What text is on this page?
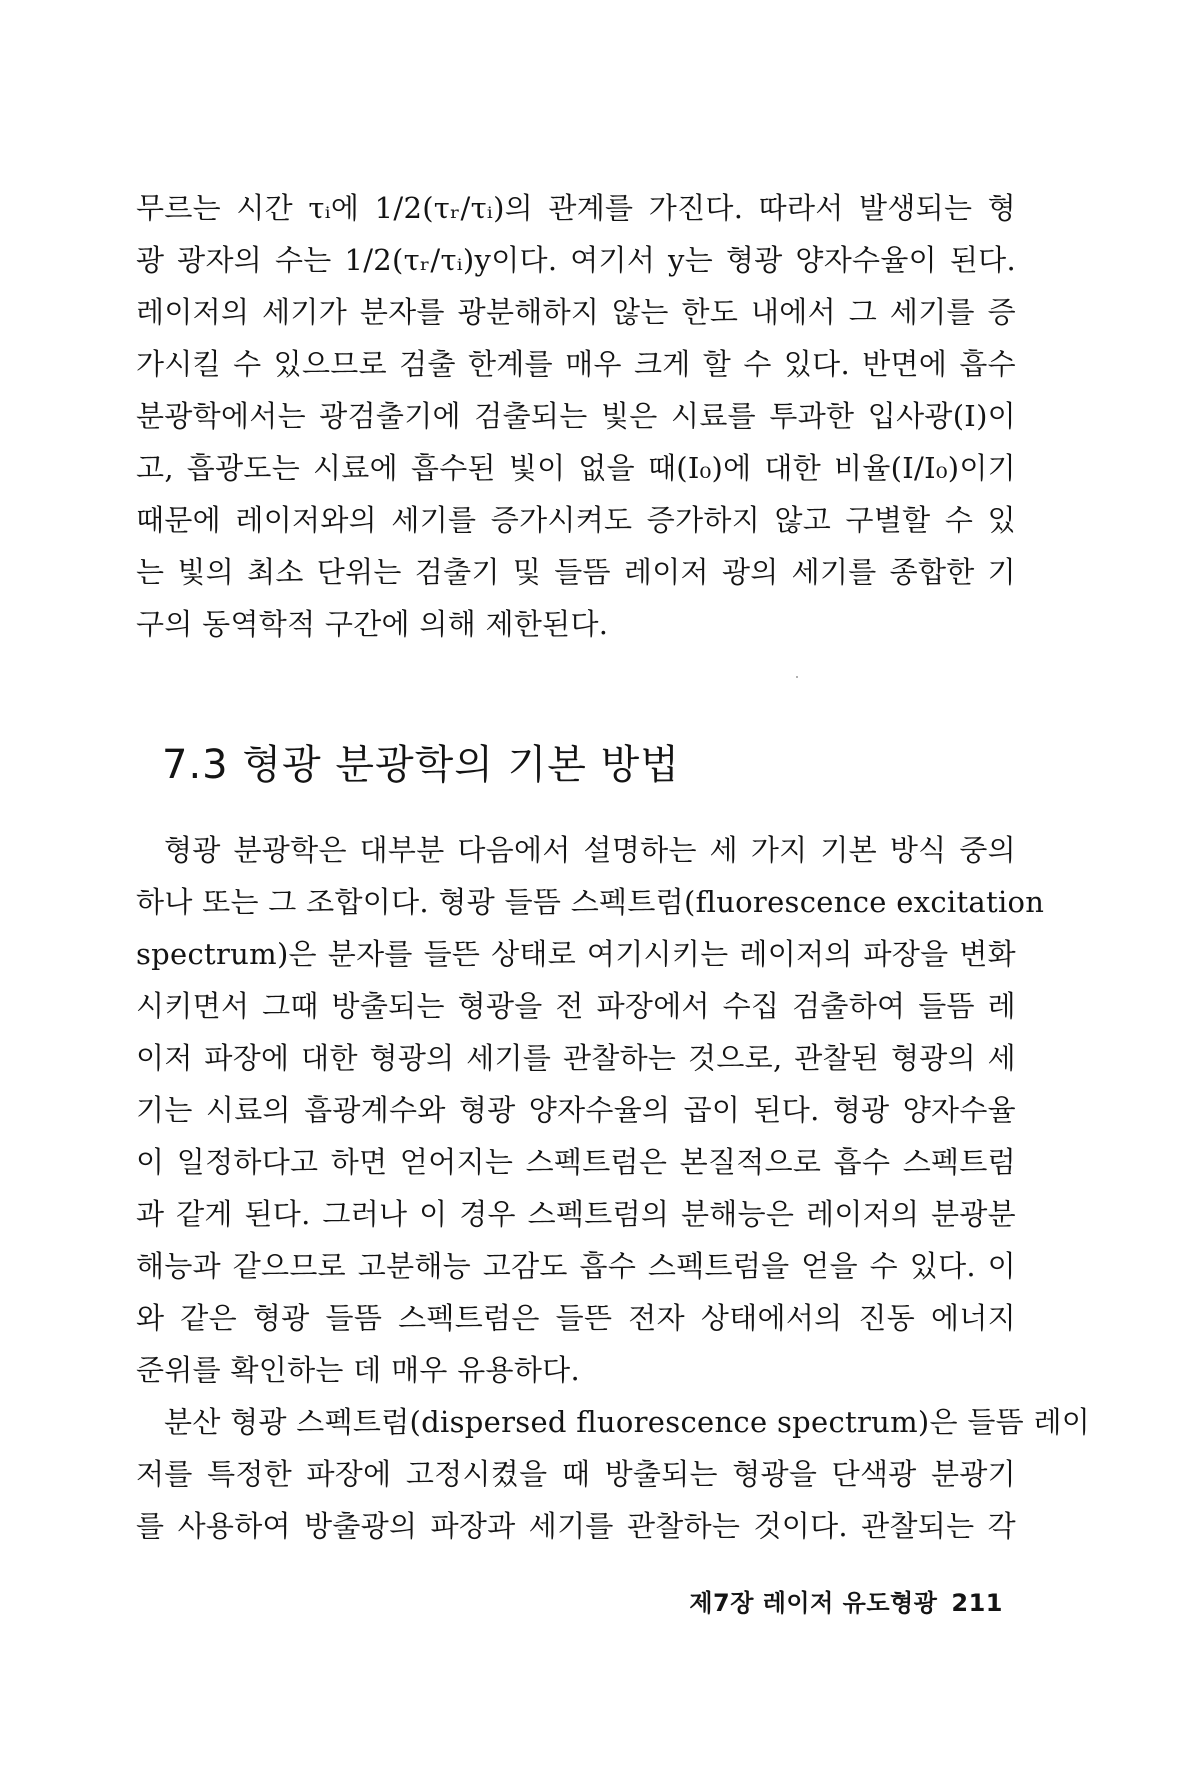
무르는 시간 τᵢ에 1/2(τᵣ/τᵢ)의 관계를 가진다. 따라서 발생되는 형
광 광자의 수는 1/2(τᵣ/τᵢ)y이다. 여기서 y는 형광 양자수율이 된다.
레이저의 세기가 분자를 광분해하지 않는 한도 내에서 그 세기를 증
가시킬 수 있으므로 검출 한계를 매우 크게 할 수 있다. 반면에 흡수
분광학에서는 광검출기에 검출되는 빛은 시료를 투과한 입사광(I)이
고, 흡광도는 시료에 흡수된 빛이 없을 때(I₀)에 대한 비율(I/I₀)이기
때문에 레이저와의 세기를 증가시켜도 증가하지 않고 구별할 수 있
는 빛의 최소 단위는 검출기 및 들뜸 레이저 광의 세기를 종합한 기
구의 동역학적 구간에 의해 제한된다.
7.3 형광 분광학의 기본 방법
형광 분광학은 대부분 다음에서 설명하는 세 가지 기본 방식 중의
하나 또는 그 조합이다. 형광 들뜸 스펙트럼(fluorescence excitation
spectrum)은 분자를 들뜬 상태로 여기시키는 레이저의 파장을 변화
시키면서 그때 방출되는 형광을 전 파장에서 수집 검출하여 들뜸 레
이저 파장에 대한 형광의 세기를 관찰하는 것으로, 관찰된 형광의 세
기는 시료의 흡광계수와 형광 양자수율의 곱이 된다. 형광 양자수율
이 일정하다고 하면 얻어지는 스펙트럼은 본질적으로 흡수 스펙트럼
과 같게 된다. 그러나 이 경우 스펙트럼의 분해능은 레이저의 분광분
해능과 같으므로 고분해능 고감도 흡수 스펙트럼을 얻을 수 있다. 이
와 같은 형광 들뜸 스펙트럼은 들뜬 전자 상태에서의 진동 에너지
준위를 확인하는 데 매우 유용하다.
분산 형광 스펙트럼(dispersed fluorescence spectrum)은 들뜸 레이
저를 특정한 파장에 고정시켰을 때 방출되는 형광을 단색광 분광기
를 사용하여 방출광의 파장과 세기를 관찰하는 것이다. 관찰되는 각
제7장 레이저 유도형광 211
